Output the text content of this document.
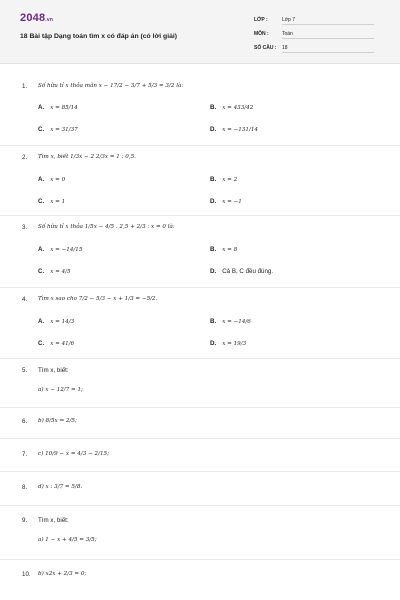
2048.vn
18 Bài tập Dạng toán tìm x có đáp án (có lời giải)
LỚP :	Lớp 7
MÔN :	Toán
SỐ CÂU : 18
1.	Số hữu tỉ x thỏa mãn x − 17/2 − 3/7 + 5/3 = 3/2 là:
A. x = 85/14	B. x = 433/42
C. x = 31/37	D. x = −131/14
2.	Tìm x, biết 1/3x − 2 2/3x = 1 : 0,5.
A. x = 0	B. x = 2
C. x = 1	D. x = −1
3.	Số hữu tỉ x thỏa 1/5x − 4/5 . 2,5 + 2/3 : x = 0 là:
A. x = −14/15	B. x = 8
C. x = 4/5	D. Cả B, C đều đúng.
4.	Tìm x sao cho 7/2 − 5/3 − x + 1/3 = −5/2.
A. x = 14/3	B. x = −14/6
C. x = 41/6	D. x = 19/3
5.	Tìm x, biết:
a) x − 12/7 = 1;
6.	b) 8/5x = 2/5;
7.	c) 10/9 − x = 4/3 − 2/15;
8.	d) x : 3/7 = 5/8.
9.	Tìm x, biết:
a) 1 − x + 4/5 = 3/5;
10.	b) x2x + 2/3 = 0;
